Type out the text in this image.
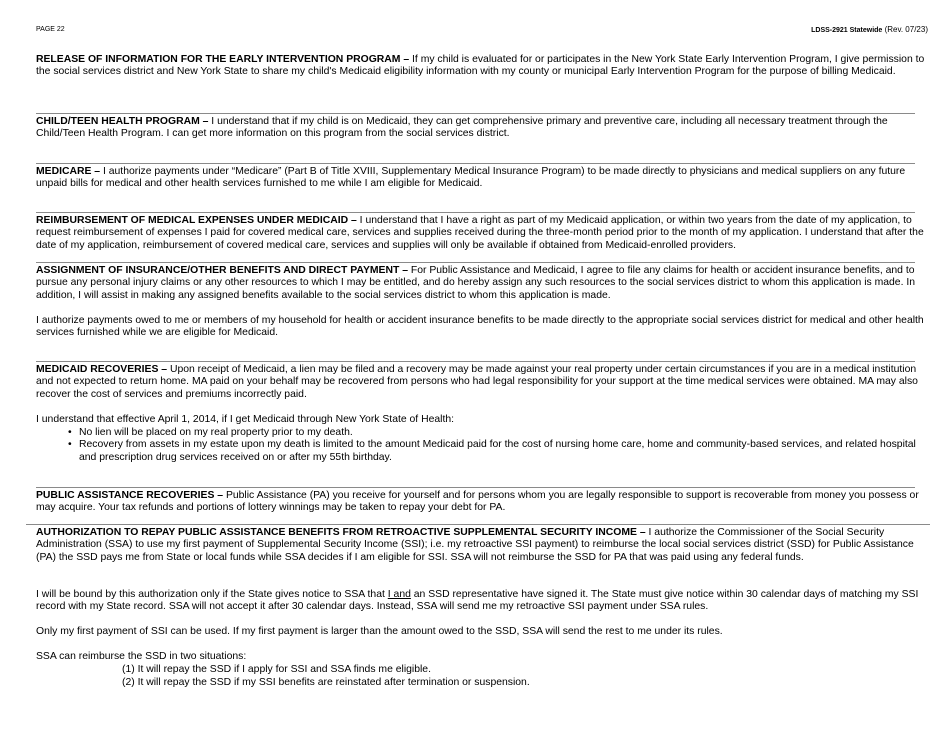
PAGE 22	LDSS-2921 Statewide (Rev. 07/23)
RELEASE OF INFORMATION FOR THE EARLY INTERVENTION PROGRAM – If my child is evaluated for or participates in the New York State Early Intervention Program, I give permission to the social services district and New York State to share my child's Medicaid eligibility information with my county or municipal Early Intervention Program for the purpose of billing Medicaid.
CHILD/TEEN HEALTH PROGRAM – I understand that if my child is on Medicaid, they can get comprehensive primary and preventive care, including all necessary treatment through the Child/Teen Health Program. I can get more information on this program from the social services district.
MEDICARE – I authorize payments under “Medicare” (Part B of Title XVIII, Supplementary Medical Insurance Program) to be made directly to physicians and medical suppliers on any future unpaid bills for medical and other health services furnished to me while I am eligible for Medicaid.
REIMBURSEMENT OF MEDICAL EXPENSES UNDER MEDICAID – I understand that I have a right as part of my Medicaid application, or within two years from the date of my application, to request reimbursement of expenses I paid for covered medical care, services and supplies received during the three-month period prior to the month of my application. I understand that after the date of my application, reimbursement of covered medical care, services and supplies will only be available if obtained from Medicaid-enrolled providers.
ASSIGNMENT OF INSURANCE/OTHER BENEFITS AND DIRECT PAYMENT – For Public Assistance and Medicaid, I agree to file any claims for health or accident insurance benefits, and to pursue any personal injury claims or any other resources to which I may be entitled, and do hereby assign any such resources to the social services district to whom this application is made. In addition, I will assist in making any assigned benefits available to the social services district to whom this application is made.
I authorize payments owed to me or members of my household for health or accident insurance benefits to be made directly to the appropriate social services district for medical and other health services furnished while we are eligible for Medicaid.
MEDICAID RECOVERIES – Upon receipt of Medicaid, a lien may be filed and a recovery may be made against your real property under certain circumstances if you are in a medical institution and not expected to return home. MA paid on your behalf may be recovered from persons who had legal responsibility for your support at the time medical services were obtained. MA may also recover the cost of services and premiums incorrectly paid.
I understand that effective April 1, 2014, if I get Medicaid through New York State of Health:
• No lien will be placed on my real property prior to my death.
• Recovery from assets in my estate upon my death is limited to the amount Medicaid paid for the cost of nursing home care, home and community-based services, and related hospital and prescription drug services received on or after my 55th birthday.
PUBLIC ASSISTANCE RECOVERIES – Public Assistance (PA) you receive for yourself and for persons whom you are legally responsible to support is recoverable from money you possess or may acquire. Your tax refunds and portions of lottery winnings may be taken to repay your debt for PA.
AUTHORIZATION TO REPAY PUBLIC ASSISTANCE BENEFITS FROM RETROACTIVE SUPPLEMENTAL SECURITY INCOME – I authorize the Commissioner of the Social Security Administration (SSA) to use my first payment of Supplemental Security Income (SSI); i.e. my retroactive SSI payment) to reimburse the local social services district (SSD) for Public Assistance (PA) the SSD pays me from State or local funds while SSA decides if I am eligible for SSI. SSA will not reimburse the SSD for PA that was paid using any federal funds.
I will be bound by this authorization only if the State gives notice to SSA that I and an SSD representative have signed it. The State must give notice within 30 calendar days of matching my SSI record with my State record. SSA will not accept it after 30 calendar days. Instead, SSA will send me my retroactive SSI payment under SSA rules.
Only my first payment of SSI can be used. If my first payment is larger than the amount owed to the SSD, SSA will send the rest to me under its rules.
SSA can reimburse the SSD in two situations:
(1) It will repay the SSD if I apply for SSI and SSA finds me eligible.
(2) It will repay the SSD if my SSI benefits are reinstated after termination or suspension.
